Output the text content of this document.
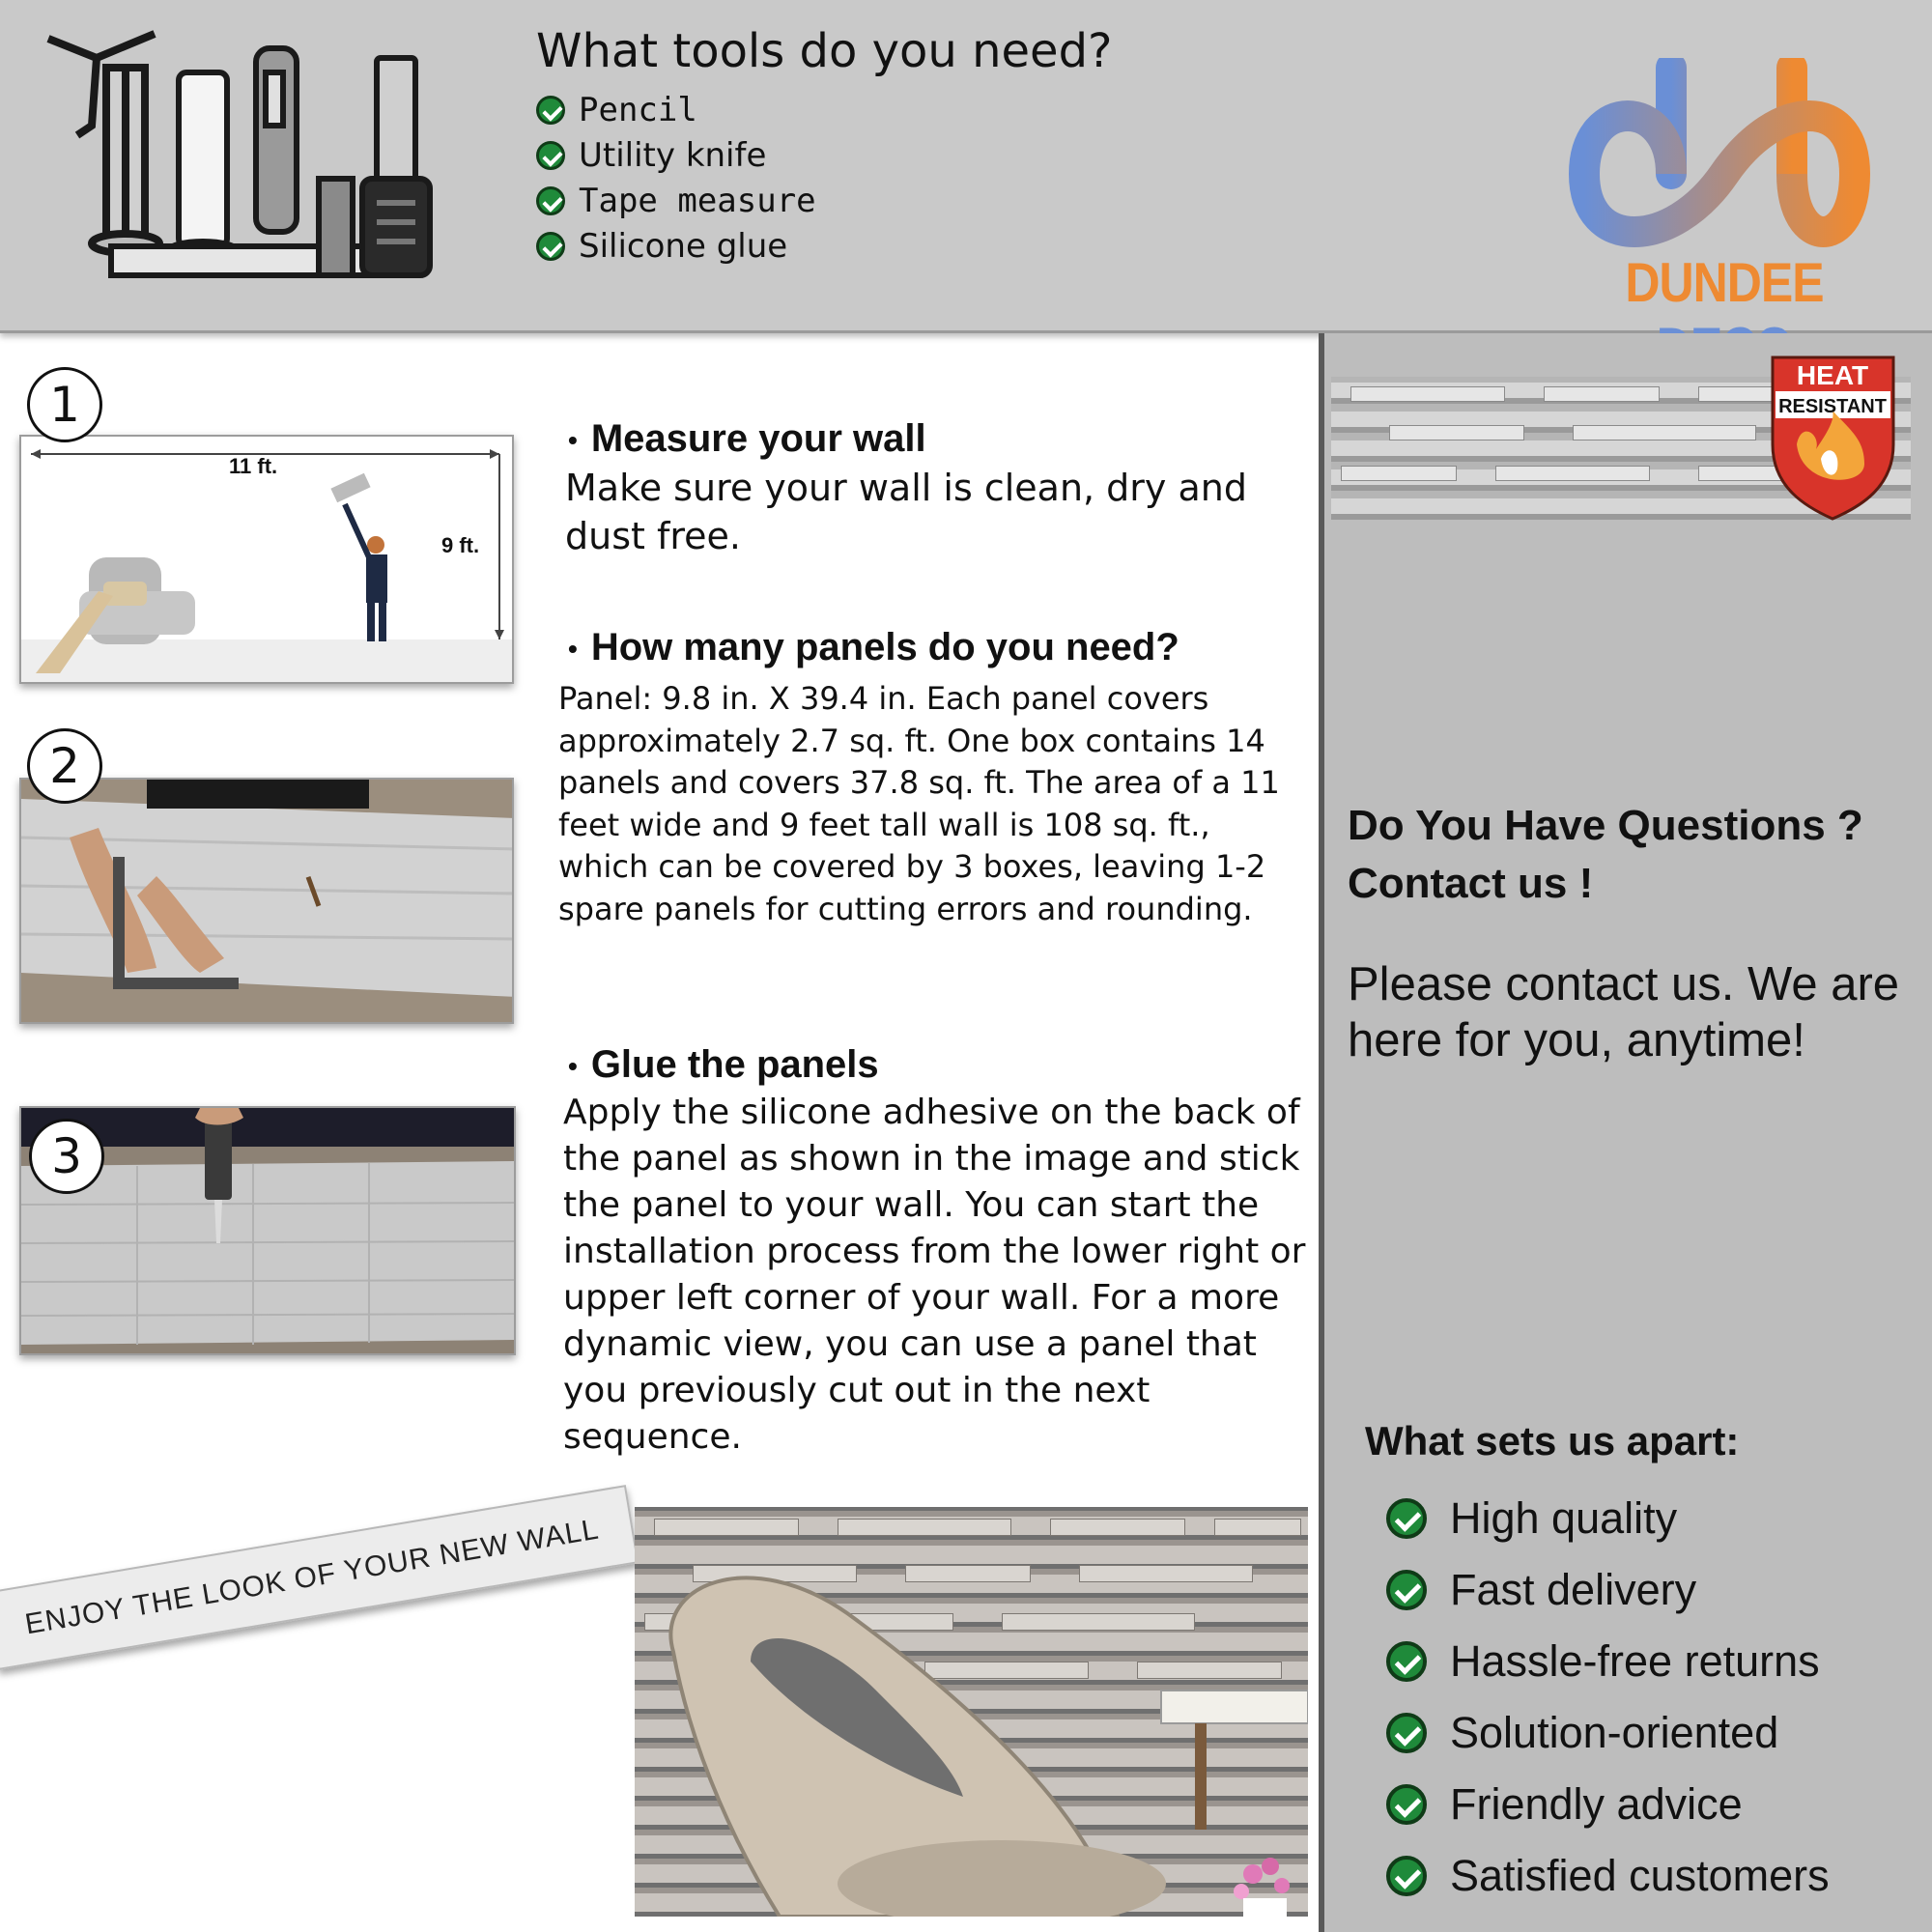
What tools do you need?
Pencil
Utility knife
Tape measure
Silicone glue
DUNDEE
HEAT
RESISTANT
Do You Have Questions ?
Contact us !
Please contact us. We are here for you, anytime!
What sets us apart:
High quality
Fast delivery
Hassle-free returns
Solution-oriented
Friendly advice
Satisfied customers
11 ft.
9 ft.
1
• Measure your wall
Make sure your wall is clean, dry and dust free.
2
• How many panels do you need?
Panel: 9.8 in. X 39.4 in. Each panel covers approximately 2.7 sq. ft. One box contains 14 panels and covers 37.8 sq. ft. The area of a 11 feet wide and 9 feet tall wall is 108 sq. ft., which can be covered by 3 boxes, leaving 1-2 spare panels for cutting errors and rounding.
3
• Glue the panels
Apply the silicone adhesive on the back of the panel as shown in the image and stick the panel to your wall. You can start the installation process from the lower right or upper left corner of your wall. For a more dynamic view, you can use a panel that you previously cut out in the next sequence.
ENJOY THE LOOK OF YOUR NEW WALL
